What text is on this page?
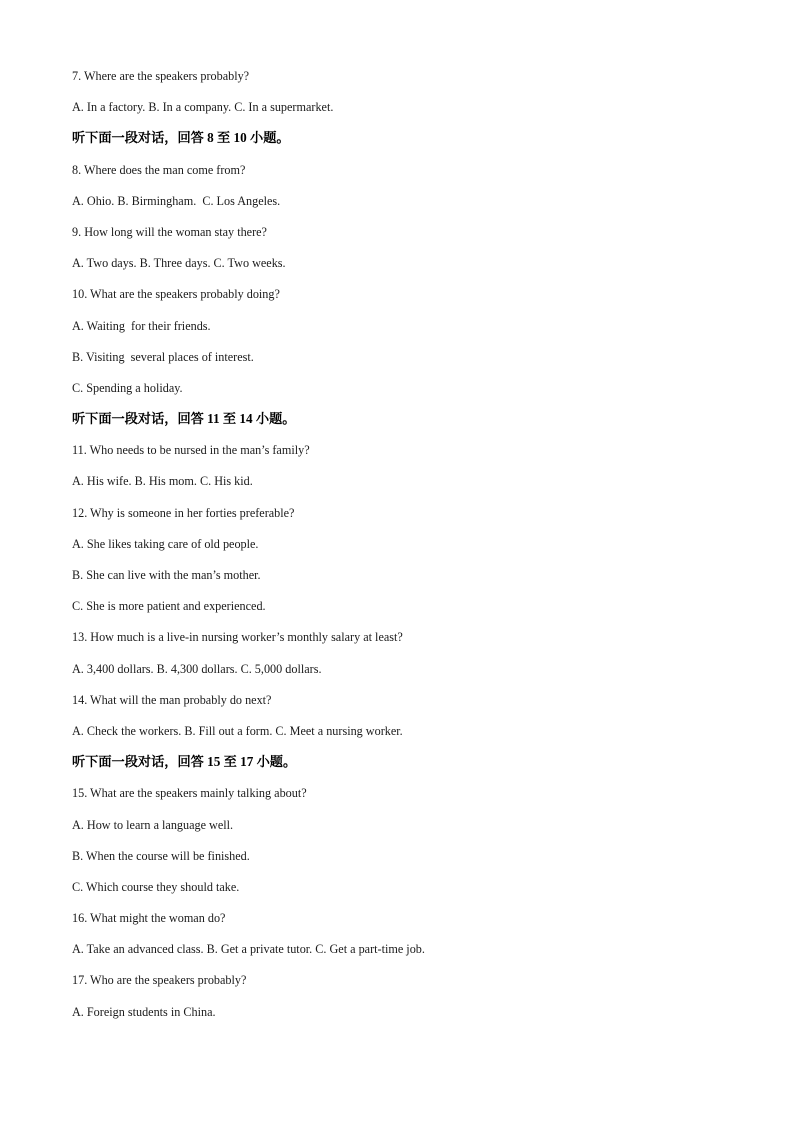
7. Where are the speakers probably?
A. In a factory. B. In a company. C. In a supermarket.
听下面一段对话，回答 8 至 10 小题。
8. Where does the man come from?
A. Ohio. B. Birmingham.  C. Los Angeles.
9. How long will the woman stay there?
A. Two days. B. Three days. C. Two weeks.
10. What are the speakers probably doing?
A. Waiting  for their friends.
B. Visiting  several places of interest.
C. Spending a holiday.
听下面一段对话，回答 11 至 14 小题。
11. Who needs to be nursed in the man’s family?
A. His wife. B. His mom. C. His kid.
12. Why is someone in her forties preferable?
A. She likes taking care of old people.
B. She can live with the man’s mother.
C. She is more patient and experienced.
13. How much is a live-in nursing worker’s monthly salary at least?
A. 3,400 dollars. B. 4,300 dollars. C. 5,000 dollars.
14. What will the man probably do next?
A. Check the workers. B. Fill out a form. C. Meet a nursing worker.
听下面一段对话，回答 15 至 17 小题。
15. What are the speakers mainly talking about?
A. How to learn a language well.
B. When the course will be finished.
C. Which course they should take.
16. What might the woman do?
A. Take an advanced class. B. Get a private tutor. C. Get a part-time job.
17. Who are the speakers probably?
A. Foreign students in China.
